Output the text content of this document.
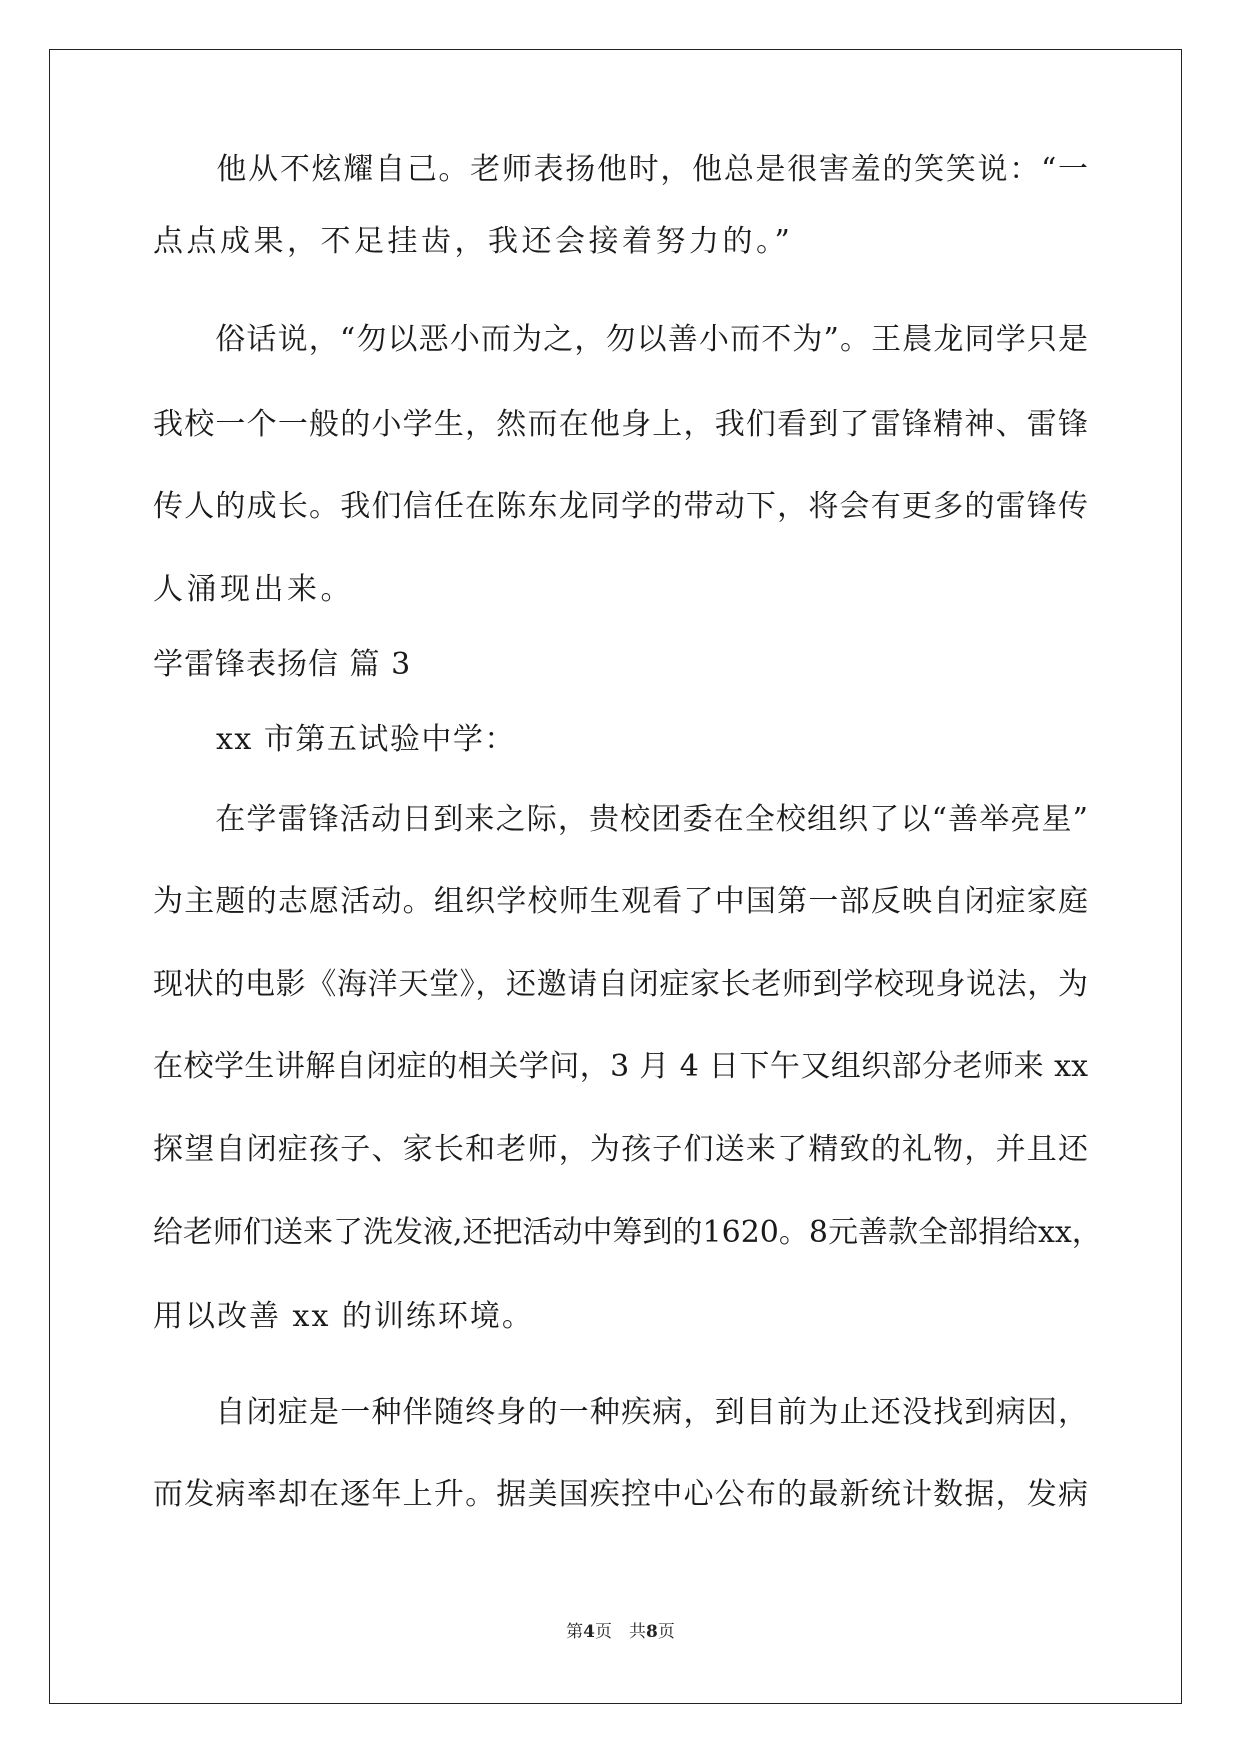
　　他从不炫耀自己。老师表扬他时，他总是很害羞的笑笑说：“一

点点成果，不足挂齿，我还会接着努力的。”

　　俗话说，“勿以恶小而为之，勿以善小而不为”。王晨龙同学只是

我校一个一般的小学生，然而在他身上，我们看到了雷锋精神、雷锋

传人的成长。我们信任在陈东龙同学的带动下，将会有更多的雷锋传

人涌现出来。

学雷锋表扬信 篇 3

　　xx 市第五试验中学：

　　在学雷锋活动日到来之际，贵校团委在全校组织了以“善举亮星”

为主题的志愿活动。组织学校师生观看了中国第一部反映自闭症家庭

现状的电影《海洋天堂》，还邀请自闭症家长老师到学校现身说法，为

在校学生讲解自闭症的相关学问，3 月 4 日下午又组织部分老师来 xx

探望自闭症孩子、家长和老师，为孩子们送来了精致的礼物，并且还

给老师们送来了洗发液,还把活动中筹到的1620。8元善款全部捐给xx，

用以改善 xx 的训练环境。

　　自闭症是一种伴随终身的一种疾病，到目前为止还没找到病因，

而发病率却在逐年上升。据美国疾控中心公布的最新统计数据，发病

第4页　共8页
